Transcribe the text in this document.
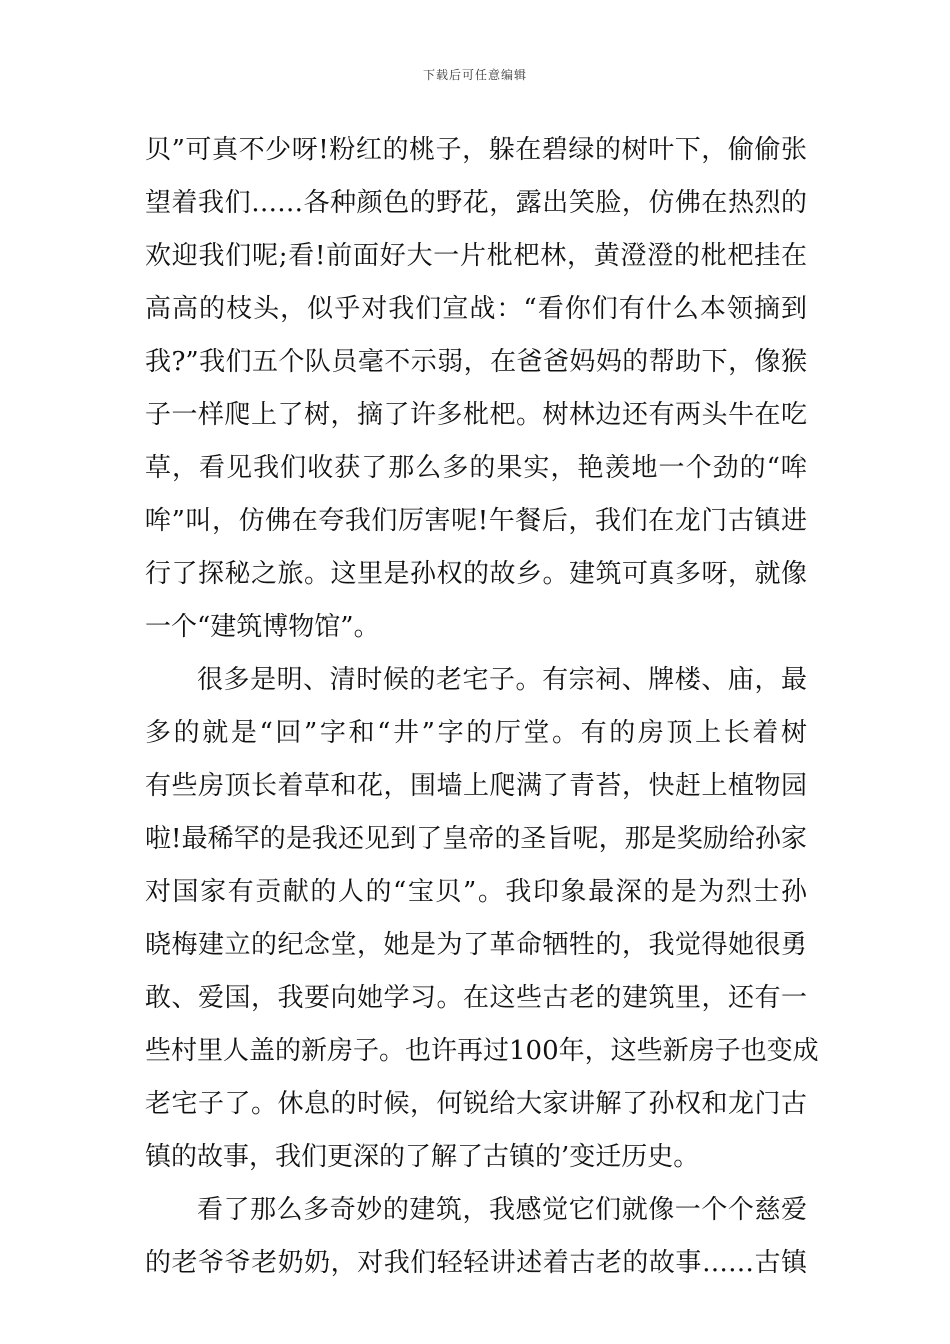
下载后可任意编辑
贝”可真不少呀!粉红的桃子，躲在碧绿的树叶下，偷偷张
望着我们……各种颜色的野花，露出笑脸，仿佛在热烈的
欢迎我们呢;看!前面好大一片枇杷林，黄澄澄的枇杷挂在
高高的枝头，似乎对我们宣战：“看你们有什么本领摘到
我?”我们五个队员毫不示弱，在爸爸妈妈的帮助下，像猴
子一样爬上了树，摘了许多枇杷。树林边还有两头牛在吃
草，看见我们收获了那么多的果实，艳羡地一个劲的“哞
哞”叫，仿佛在夸我们厉害呢!午餐后，我们在龙门古镇进
行了探秘之旅。这里是孙权的故乡。建筑可真多呀，就像
一个“建筑博物馆”。
很多是明、清时候的老宅子。有宗祠、牌楼、庙，最
多的就是“回”字和“井”字的厅堂。有的房顶上长着树
有些房顶长着草和花，围墙上爬满了青苔，快赶上植物园
啦!最稀罕的是我还见到了皇帝的圣旨呢，那是奖励给孙家
对国家有贡献的人的“宝贝”。我印象最深的是为烈士孙
晓梅建立的纪念堂，她是为了革命牺牲的，我觉得她很勇
敢、爱国，我要向她学习。在这些古老的建筑里，还有一
些村里人盖的新房子。也许再过100年，这些新房子也变成
老宅子了。休息的时候，何锐给大家讲解了孙权和龙门古
镇的故事，我们更深的了解了古镇的’变迁历史。
看了那么多奇妙的建筑，我感觉它们就像一个个慈爱
的老爷爷老奶奶，对我们轻轻讲述着古老的故事……古镇
